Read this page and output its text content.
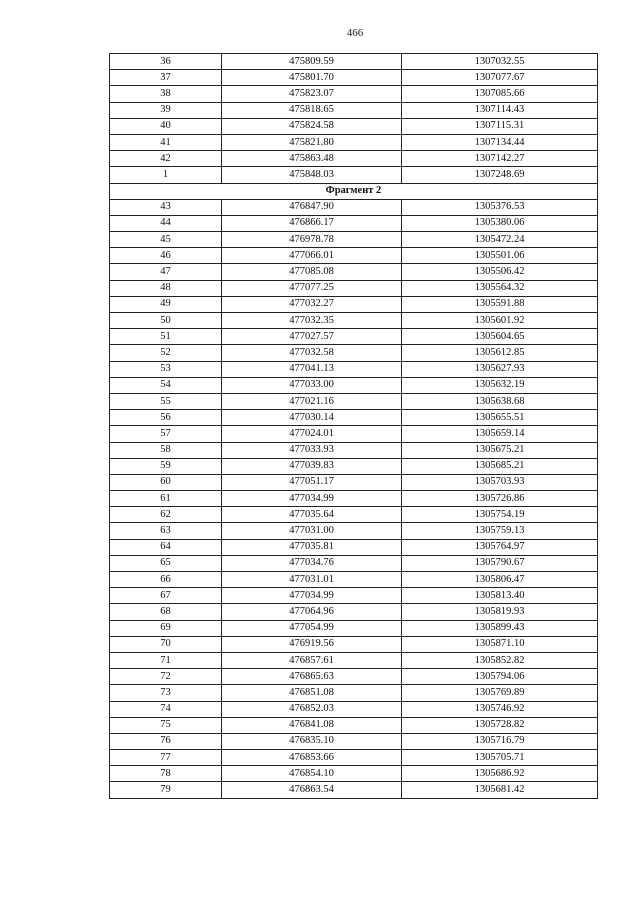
466
36	475809.59	1307032.55
37	475801.70	1307077.67
38	475823.07	1307085.66
39	475818.65	1307114.43
40	475824.58	1307115.31
41	475821.80	1307134.44
42	475863.48	1307142.27
1	475848.03	1307248.69
Фрагмент 2		
43	476847.90	1305376.53
44	476866.17	1305380.06
45	476978.78	1305472.24
46	477066.01	1305501.06
47	477085.08	1305506.42
48	477077.25	1305564.32
49	477032.27	1305591.88
50	477032.35	1305601.92
51	477027.57	1305604.65
52	477032.58	1305612.85
53	477041.13	1305627.93
54	477033.00	1305632.19
55	477021.16	1305638.68
56	477030.14	1305655.51
57	477024.01	1305659.14
58	477033.93	1305675.21
59	477039.83	1305685.21
60	477051.17	1305703.93
61	477034.99	1305726.86
62	477035.64	1305754.19
63	477031.00	1305759.13
64	477035.81	1305764.97
65	477034.76	1305790.67
66	477031.01	1305806.47
67	477034.99	1305813.40
68	477064.96	1305819.93
69	477054.99	1305899.43
70	476919.56	1305871.10
71	476857.61	1305852.82
72	476865.63	1305794.06
73	476851.08	1305769.89
74	476852.03	1305746.92
75	476841.08	1305728.82
76	476835.10	1305716.79
77	476853.66	1305705.71
78	476854.10	1305686.92
79	476863.54	1305681.42
